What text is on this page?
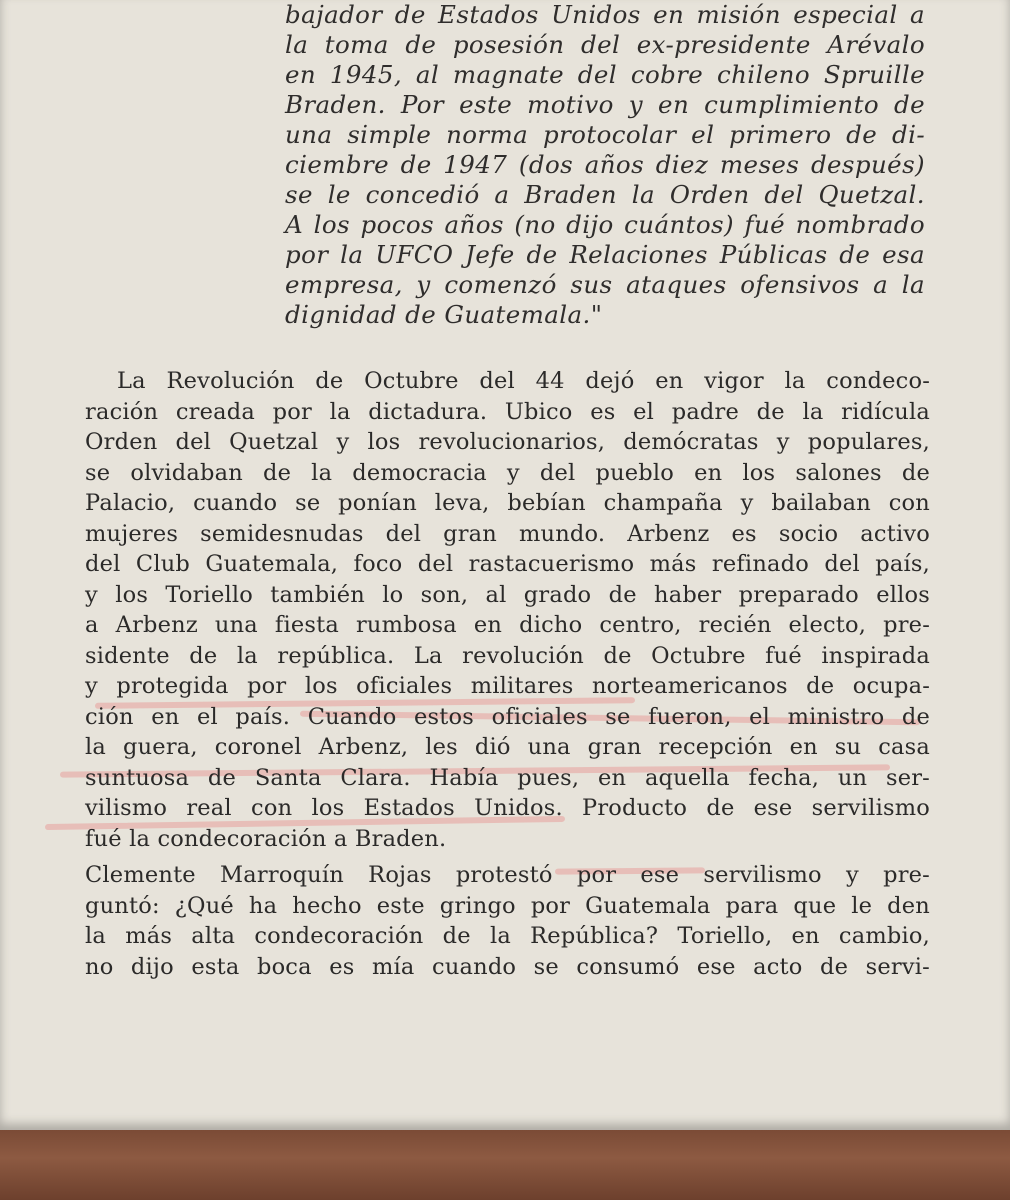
bajador de Estados Unidos en misión especial a
la toma de posesión del ex-presidente Arévalo
en 1945, al magnate del cobre chileno Spruille
Braden. Por este motivo y en cumplimiento de
una simple norma protocolar el primero de di-
ciembre de 1947 (dos años diez meses después)
se le concedió a Braden la Orden del Quetzal.
A los pocos años (no dijo cuántos) fué nombrado
por la UFCO Jefe de Relaciones Públicas de esa
empresa, y comenzó sus ataques ofensivos a la
dignidad de Guatemala."
La Revolución de Octubre del 44 dejó en vigor la condeco-
ración creada por la dictadura. Ubico es el padre de la ridícula
Orden del Quetzal y los revolucionarios, demócratas y populares,
se olvidaban de la democracia y del pueblo en los salones de
Palacio, cuando se ponían leva, bebían champaña y bailaban con
mujeres semidesnudas del gran mundo. Arbenz es socio activo
del Club Guatemala, foco del rastacuerismo más refinado del país,
y los Toriello también lo son, al grado de haber preparado ellos
a Arbenz una fiesta rumbosa en dicho centro, recién electo, pre-
sidente de la república. La revolución de Octubre fué inspirada
y protegida por los oficiales militares norteamericanos de ocupa-
ción en el país. Cuando estos oficiales se fueron, el ministro de
la guera, coronel Arbenz, les dió una gran recepción en su casa
suntuosa de Santa Clara. Había pues, en aquella fecha, un ser-
vilismo real con los Estados Unidos. Producto de ese servilismo
fué la condecoración a Braden.
Clemente Marroquín Rojas protestó por ese servilismo y pre-
guntó: ¿Qué ha hecho este gringo por Guatemala para que le den
la más alta condecoración de la República? Toriello, en cambio,
no dijo esta boca es mía cuando se consumó ese acto de servi-
